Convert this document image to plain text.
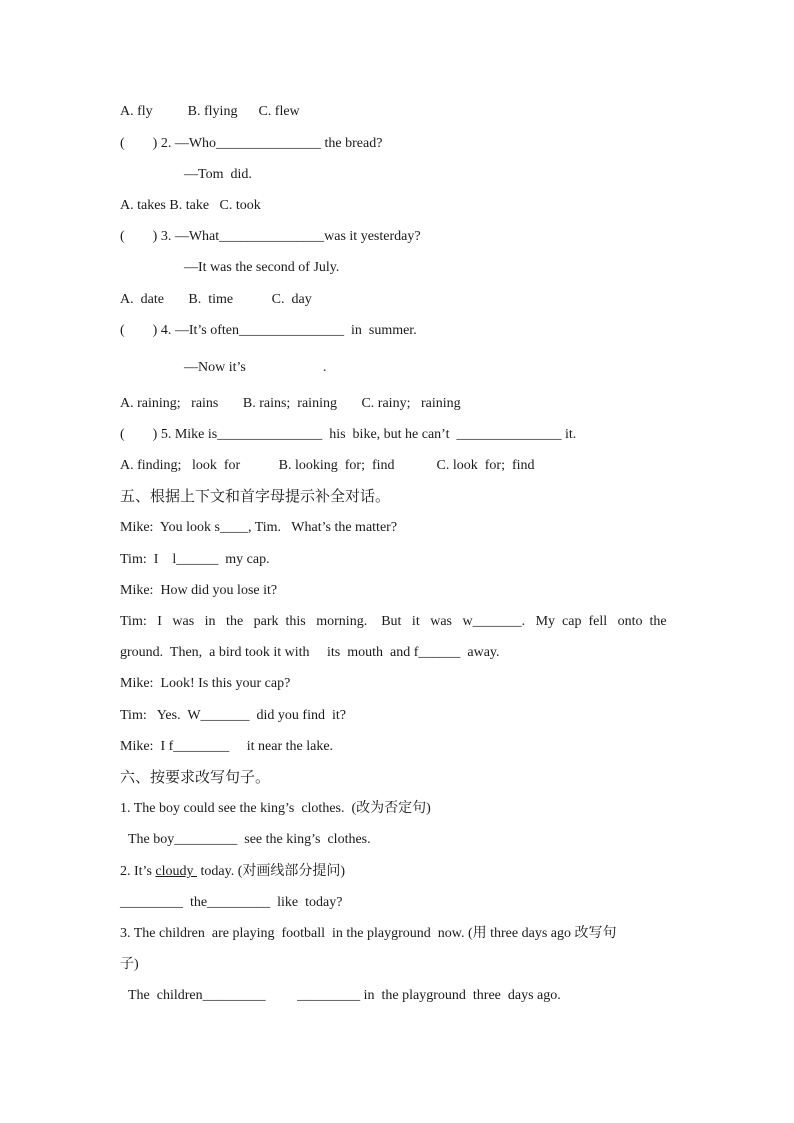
A. fly          B. flying      C. flew
(        ) 2. —Who_______________ the bread?
—Tom  did.
A. takes B. take   C. took
(        ) 3. —What_______________was it yesterday?
—It was the second of July.
A.  date       B.  time           C.  day
(        ) 4. —It’s often_______________  in  summer.
—Now it’s                      .
A. raining;   rains       B. rains;  raining       C. rainy;   raining
(        ) 5. Mike is_______________  his  bike, but he can’t  _______________ it.
A. finding;   look  for           B. looking  for;  find            C. look  for;  find
五、根据上下文和首字母提示补全对话。
Mike:  You look s____, Tim.   What’s the matter?
Tim:  I    l______  my cap.
Mike:  How did you lose it?
Tim:   I   was   in   the   park  this   morning.    But   it   was   w_______.   My  cap  fell   onto  the
ground.  Then,  a bird took it with     its  mouth  and f______  away.
Mike:  Look! Is this your cap?
Tim:   Yes.  W_______  did you find  it?
Mike:  I f________     it near the lake.
六、按要求改写句子。
1. The boy could see the king’s  clothes.  (改为否定句)
The boy_________  see the king’s  clothes.
2. It’s cloudy  today. (对画线部分提问)
_________  the_________  like  today?
3. The children  are playing  football  in the playground  now. (用 three days ago 改写句
子)
The  children_________         _________ in  the playground  three  days ago.
